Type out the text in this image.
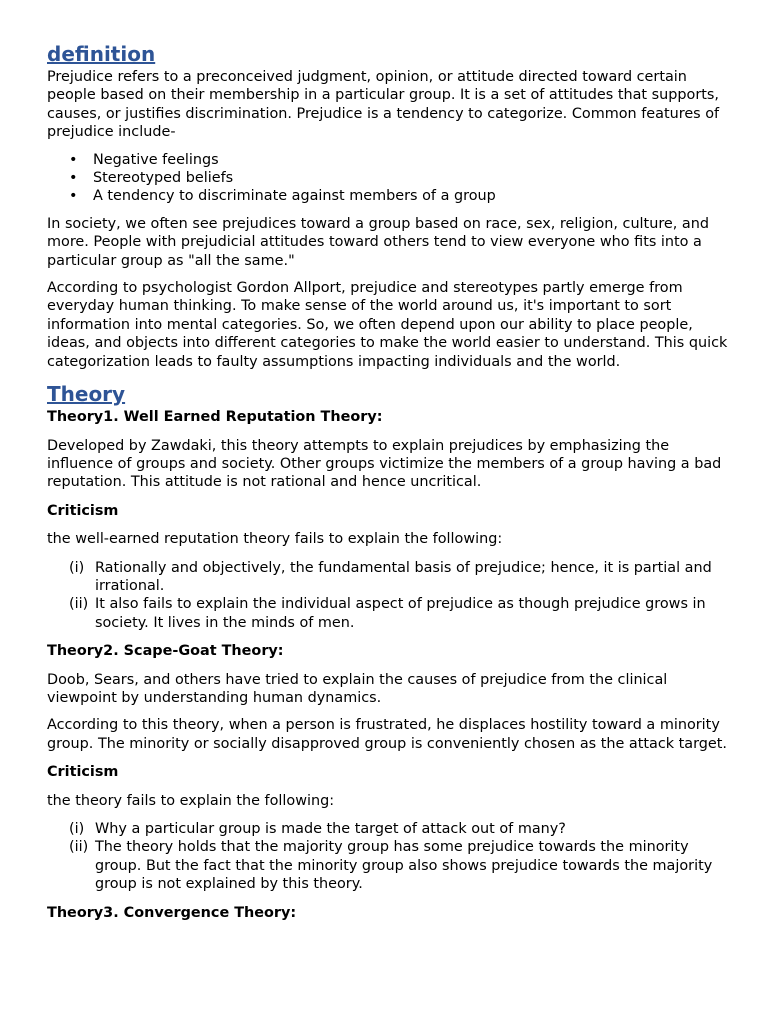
definition

Prejudice refers to a preconceived judgment, opinion, or attitude directed toward certain people based on their membership in a particular group. It is a set of attitudes that supports, causes, or justifies discrimination. Prejudice is a tendency to categorize. Common features of prejudice include-

• Negative feelings
• Stereotyped beliefs
• A tendency to discriminate against members of a group

In society, we often see prejudices toward a group based on race, sex, religion, culture, and more. People with prejudicial attitudes toward others tend to view everyone who fits into a particular group as "all the same."

According to psychologist Gordon Allport, prejudice and stereotypes partly emerge from everyday human thinking. To make sense of the world around us, it's important to sort information into mental categories. So, we often depend upon our ability to place people, ideas, and objects into different categories to make the world easier to understand. This quick categorization leads to faulty assumptions impacting individuals and the world.

Theory

Theory1. Well Earned Reputation Theory:

Developed by Zawdaki, this theory attempts to explain prejudices by emphasizing the influence of groups and society. Other groups victimize the members of a group having a bad reputation. This attitude is not rational and hence uncritical.

Criticism

the well-earned reputation theory fails to explain the following:

(i) Rationally and objectively, the fundamental basis of prejudice; hence, it is partial and irrational.
(ii) It also fails to explain the individual aspect of prejudice as though prejudice grows in society. It lives in the minds of men.

Theory2. Scape-Goat Theory:

Doob, Sears, and others have tried to explain the causes of prejudice from the clinical viewpoint by understanding human dynamics.

According to this theory, when a person is frustrated, he displaces hostility toward a minority group. The minority or socially disapproved group is conveniently chosen as the attack target.

Criticism

the theory fails to explain the following:

(i) Why a particular group is made the target of attack out of many?
(ii) The theory holds that the majority group has some prejudice towards the minority group. But the fact that the minority group also shows prejudice towards the majority group is not explained by this theory.

Theory3. Convergence Theory:
